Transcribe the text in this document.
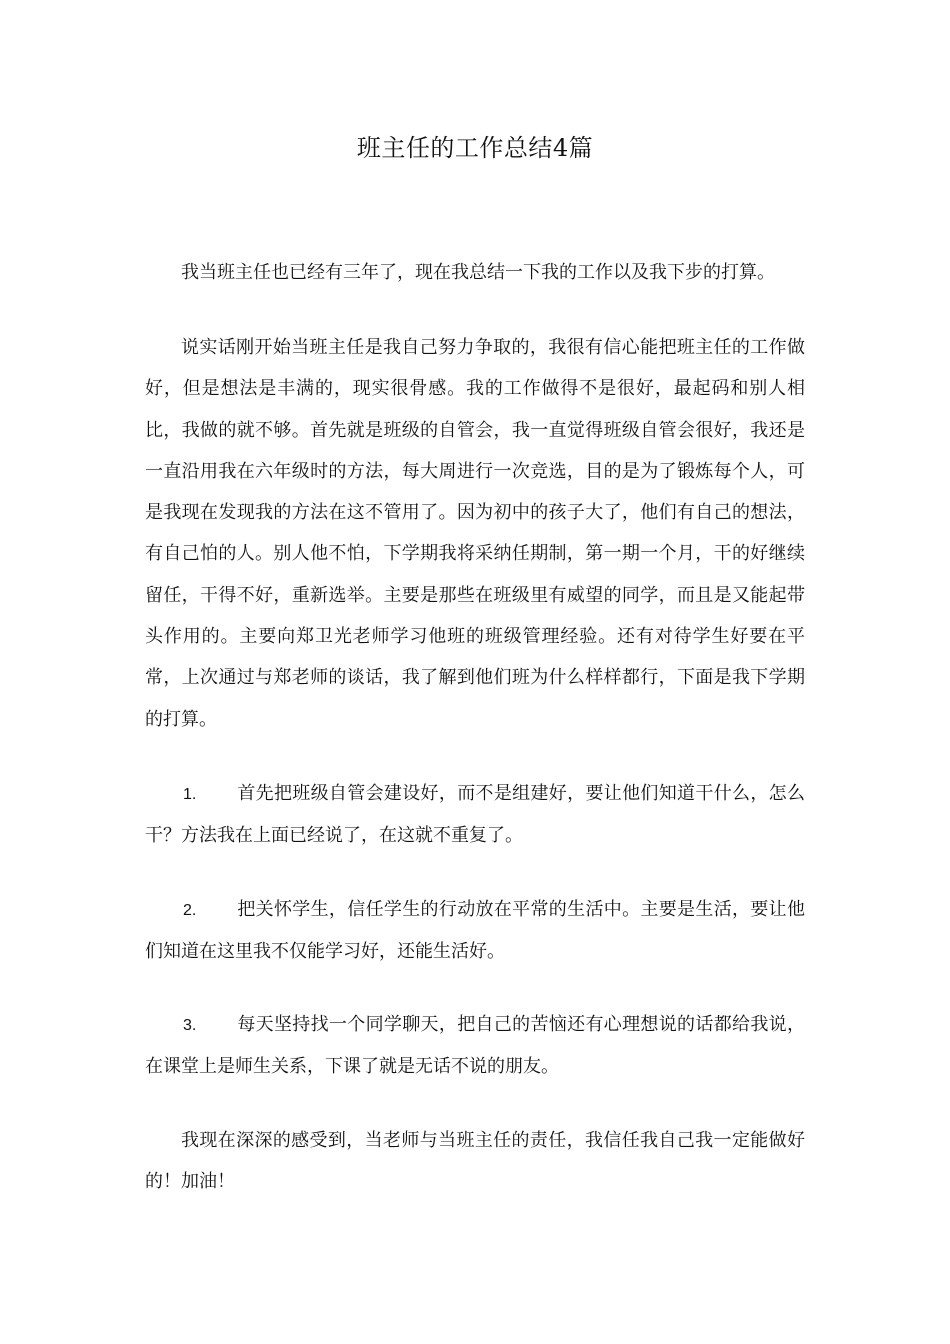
班主任的工作总结4篇

我当班主任也已经有三年了，现在我总结一下我的工作以及我下步的打算。

说实话刚开始当班主任是我自己努力争取的，我很有信心能把班主任的工作做好，但是想法是丰满的，现实很骨感。我的工作做得不是很好，最起码和别人相比，我做的就不够。首先就是班级的自管会，我一直觉得班级自管会很好，我还是一直沿用我在六年级时的方法，每大周进行一次竞选，目的是为了锻炼每个人，可是我现在发现我的方法在这不管用了。因为初中的孩子大了，他们有自己的想法，有自己怕的人。别人他不怕，下学期我将采纳任期制，第一期一个月，干的好继续留任，干得不好，重新选举。主要是那些在班级里有威望的同学，而且是又能起带头作用的。主要向郑卫光老师学习他班的班级管理经验。还有对待学生好要在平常，上次通过与郑老师的谈话，我了解到他们班为什么样样都行，下面是我下学期的打算。

1. 首先把班级自管会建设好，而不是组建好，要让他们知道干什么，怎么干？方法我在上面已经说了，在这就不重复了。

2. 把关怀学生，信任学生的行动放在平常的生活中。主要是生活，要让他们知道在这里我不仅能学习好，还能生活好。

3. 每天坚持找一个同学聊天，把自己的苦恼还有心理想说的话都给我说，在课堂上是师生关系，下课了就是无话不说的朋友。

我现在深深的感受到，当老师与当班主任的责任，我信任我自己我一定能做好的！加油！
